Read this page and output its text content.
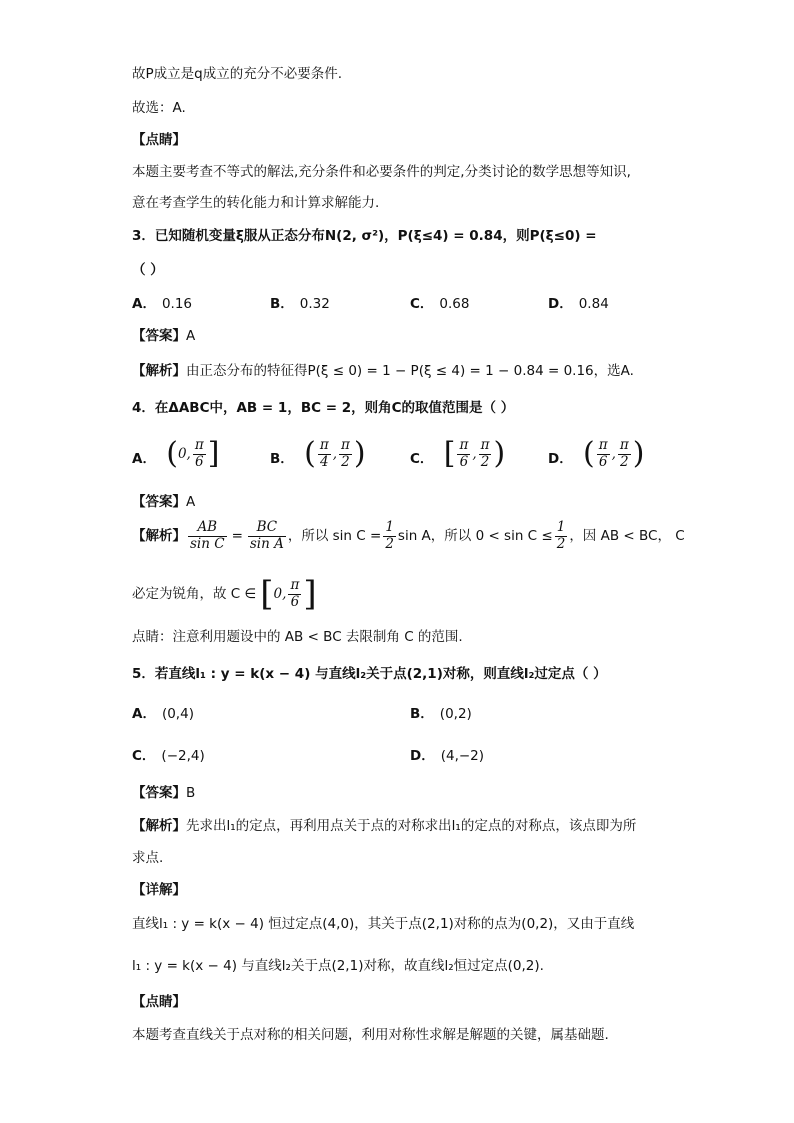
故P成立是q成立的充分不必要条件.
故选：A.
【点睛】
本题主要考查不等式的解法,充分条件和必要条件的判定,分类讨论的数学思想等知识,
意在考查学生的转化能力和计算求解能力.
3．已知随机变量ξ服从正态分布N(2, σ²)，P(ξ≤4) = 0.84，则P(ξ≤0) =
（ ）
A． 0.16	B． 0.32	C． 0.68	D． 0.84
【答案】A
【解析】由正态分布的特征得P(ξ ≤ 0) = 1 − P(ξ ≤ 4) = 1 − 0.84 = 0.16，选A.
4．在ΔABC中，AB = 1，BC = 2，则角C的取值范围是（ ）
A． ( 0, $\frac{\pi}{6}$ ]	B． ( $\frac{\pi}{4}$ , $\frac{\pi}{2}$ )	C． [ $\frac{\pi}{6}$ , $\frac{\pi}{2}$ )	D． ( $\frac{\pi}{6}$ , $\frac{\pi}{2}$ )
【答案】A
【解析】 $\frac{AB}{\text{sin C}} = \frac{BC}{\text{sin A}}$ ，所以 $\sin C = \frac{1}{2}$ sin A，所以 $0 < \sin C \le \frac{1}{2}$ ，因 AB < BC， C
必定为锐角，故 C ∈ [ 0, $\frac{\pi}{6}$ ]
点睛：注意利用题设中的 AB < BC 去限制角 C 的范围.
5．若直线l₁ : y = k(x − 4) 与直线l₂关于点(2,1)对称，则直线l₂过定点（ ）
A． (0,4)	B． (0,2)
C． (−2,4)	D． (4,−2)
【答案】B
【解析】先求出l₁的定点，再利用点关于点的对称求出l₁的定点的对称点，该点即为所
求点.
【详解】
直线l₁ : y = k(x − 4) 恒过定点(4,0)，其关于点(2,1)对称的点为(0,2)，又由于直线
l₁ : y = k(x − 4) 与直线l₂关于点(2,1)对称，故直线l₂恒过定点(0,2).
【点睛】
本题考查直线关于点对称的相关问题，利用对称性求解是解题的关键，属基础题.
